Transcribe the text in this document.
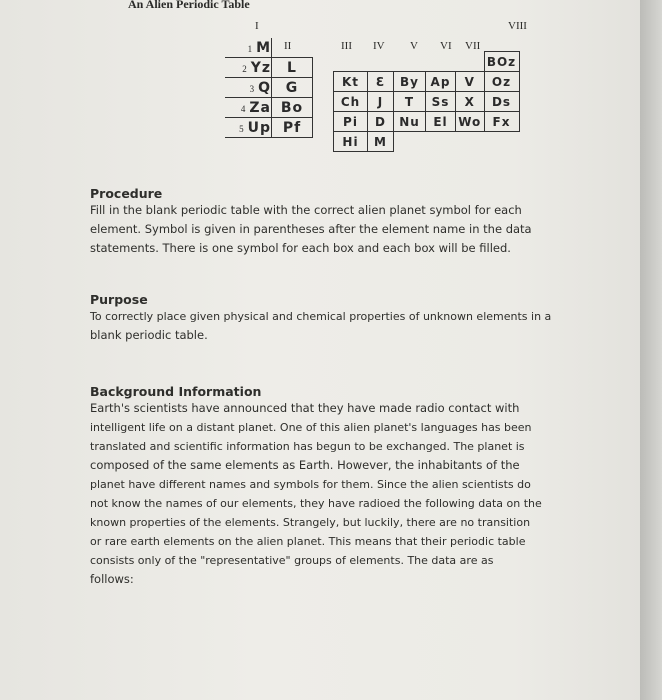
An Alien Periodic Table
I	VIII
II	III IV V VI VII
1 M	
2 Yz	L
3 Q	G
4 Za	Bo
5 Up	Pf
					BOz
Kt	Ɛ	By	Ap	V	Oz
Ch	J	T	Ss	X	Ds
Pi	D	Nu	El	Wo	Fx
Hi	M				
Procedure
Fill in the blank periodic table with the correct alien planet symbol for each
element. Symbol is given in parentheses after the element name in the data
statements. There is one symbol for each box and each box will be filled.
Purpose
To correctly place given physical and chemical properties of unknown elements in a
blank periodic table.
Background Information
Earth's scientists have announced that they have made radio contact with
intelligent life on a distant planet. One of this alien planet's languages has been
translated and scientific information has begun to be exchanged. The planet is
composed of the same elements as Earth. However, the inhabitants of the
planet have different names and symbols for them. Since the alien scientists do
not know the names of our elements, they have radioed the following data on the
known properties of the elements. Strangely, but luckily, there are no transition
or rare earth elements on the alien planet. This means that their periodic table
consists only of the "representative" groups of elements. The data are as
follows:
